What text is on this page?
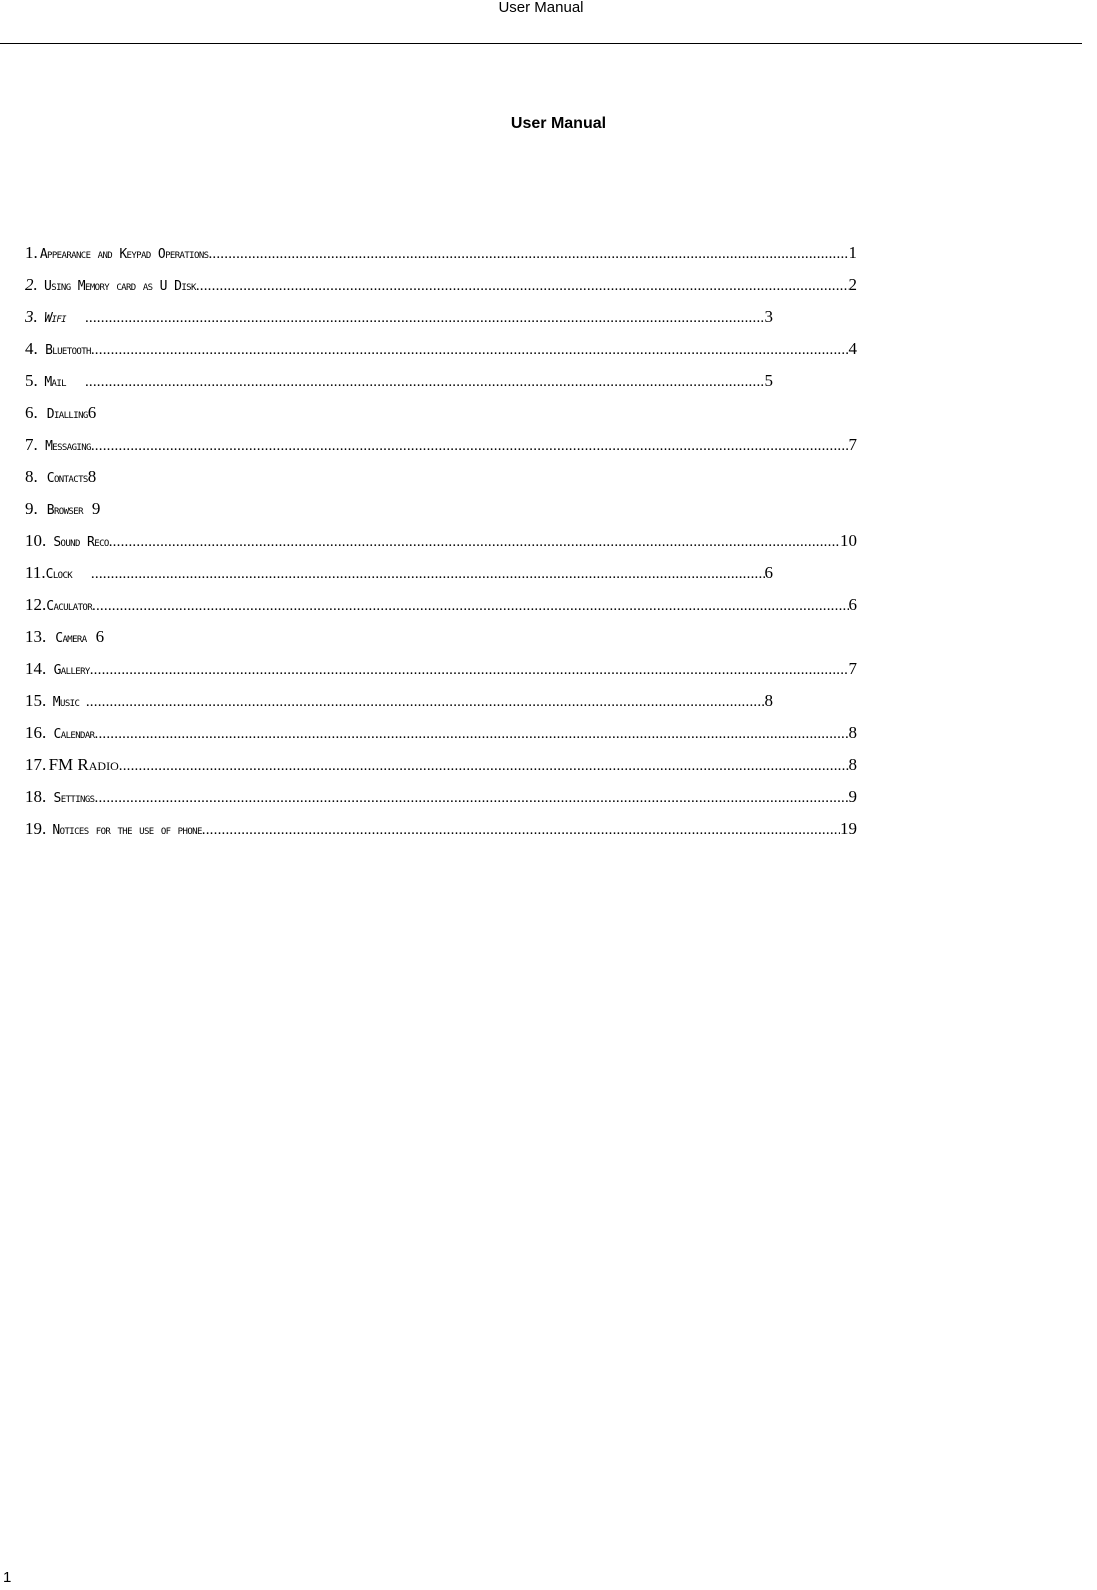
User Manual
User Manual
1. Appearance and Keypad Operations .....	1
2. Using Memory card as U Disk .....	2
3. Wifi .....	3
4. Bluetooth .....	4
5. Mail .....	5
6. Dialling 6
7. Messaging .....	7
8. Contacts 8
9. Browser 9
10. Sound Reco .....	10
11. Clock .....	6
12. Caculator .....	6
13. Camera 6
14. Gallery .....	7
15. Music .....	8
16. Calendar .....	8
17. FM Radio .....	8
18. Settings .....	9
19. Notices for the use of phone .....	19
1
